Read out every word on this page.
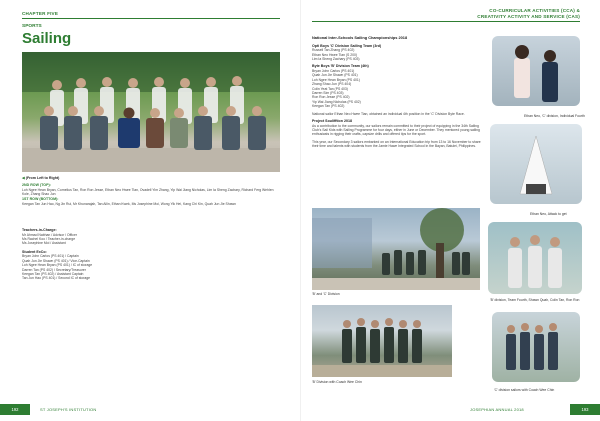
CHAPTER FIVE
SPORTS
Sailing
◀ (From Left to Right)
2ND ROW (TOP):
Loh Ngee Hean Bryan, Cornelius Tan, Ron Ron Jesse, Ethan Neo Hwee Tian, Ovadell Yim Zhang, Yip Wai Jiang Nicholas, Lim Ia Sheng Zachary, Richard Ferg Wehlen Kole, Zhang Shao Jun
1ST ROW (BOTTOM):
Keegan Tan Jun Hao, Ng Jin Rui, Mr Khunarajah, Tan Ailin, Ethan Kwek, Ms Josephine Moi, Wong Yik Hei, Kang Chi Kin, Quah Jun Jie Shawn
Teachers-in-Charge:
Mr Ahmad Nabhan / Advisor / Officer
Ms Rachel Koo / Teacher-in-charge
Ms Josephine Moi / Assistant
Student ExCo:
Bryan John Carlos (PS 401) / Captain
Quah Jun Jie Shawn (PS 401) / Vice-Captain
Loh Ngee Hean Bryan (PS 401) / IC of storage
Darren Tan (PS 402) / Secretary/Treasurer
Keegan Tan (PS 402) / Assistant Captain
Tan Jun Hao (PS 401) / Second IC of storage
192	ST JOSEPH'S INSTITUTION
CO-CURRICULAR ACTIVITIES (CCA) &
CREATIVITY ACTIVITY AND SERVICE (CAS)
National Inter-Schools Sailing Championships 2018
Opti Boys 'C' Division Sailing Team (3rd)
Russell Tan Zhang (PS 402)
Ethan Neo Hwee Tian (S 200)
Lim Ia Sheng Zachary (PS 403)
Byte Boys 'B' Division Team (4th)
Bryan John Carlos (PS 401)
Quah Jun Jie Shawn (PS 401)
Loh Ngee Hean Bryan (PS 401)
Zhang Shao Jun (PS 404)
Colin Yeat Tan (PS 403)
Darren Sim (PS 403)
Ron Ron Jesse (PS 402)
Yip Wai Jiang Nicholas (PS 402)
Keegan Tan (PS 402)
National sailor Ethan Neo Hwee Tian, obtained an individual 4th position in the 'C' Division Byte Race.
Project Soulifftion 2018
As a contribution to the community, our sailors remain committed to their project of equipping in the 34th Sailing Club's Sail Kids with Sailing Programme for four days, either in June or December. They mentored young sailing enthusiasts in rigging their crafts, capsize drills and offered tips for the sport.
This year, our Secondary 3 sailors embarked on an International Education trip from 13 to 16 November to share their time and talents with students from the Jamie Hawe Integrated School in the Bayan, Batulei, Philippines.
'B' and 'C' Division
'B' Division with Coach Wee Chin
Ethan Neo, 'C' division, Individual Fourth
Ethan Neo, Attack to get
'B' division, Team Fourth, Shawn Quah, Colin Tan, Ron Ron
'C' division sailors with Coach Wee Chin
JOSEPHIAN ANNUAL 2018	193
